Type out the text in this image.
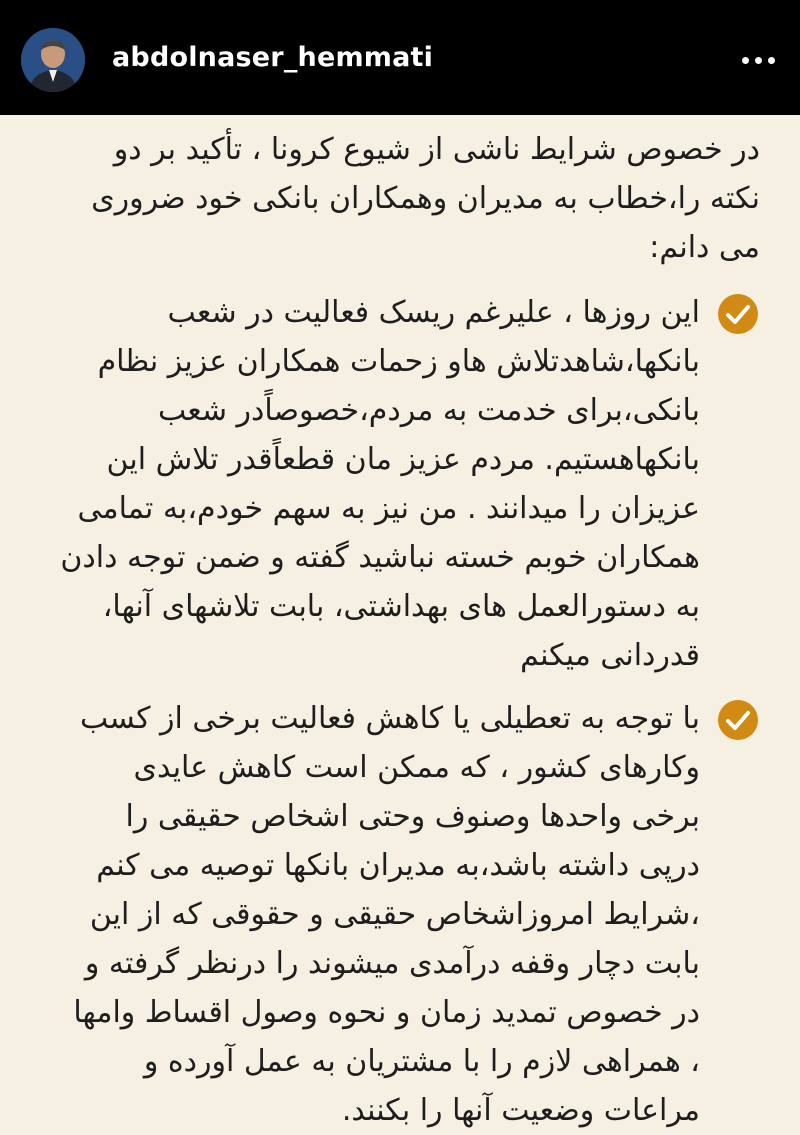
abdolnaser_hemmati

در خصوص شرایط ناشی از شیوع کرونا ، تأکید بر دو نکته را،خطاب به مدیران وهمکاران بانکی خود ضروری می دانم:

این روزها ، علیرغم ریسک فعالیت در شعب بانکها،شاهدتلاش هاو زحمات همکاران عزیز نظام بانکی،برای خدمت به مردم،خصوصاًدر شعب بانکهاهستیم. مردم عزیز مان قطعاًقدر تلاش این عزیزان را میدانند . من نیز به سهم خودم،به تمامی همکاران خوبم خسته نباشید گفته و ضمن توجه دادن به دستورالعمل های بهداشتی، بابت تلاشهای آنها، قدردانی میکنم

با توجه به تعطیلی یا کاهش فعالیت برخی از کسب وکارهای کشور ، که ممکن است کاهش عایدی برخی واحدها وصنوف وحتی اشخاص حقیقی را درپی داشته باشد،به مدیران بانکها توصیه می کنم ،شرایط امروزاشخاص حقیقی و حقوقی که از این بابت دچار وقفه درآمدی میشوند را درنظر گرفته و در خصوص تمدید زمان و نحوه وصول اقساط وامها ، همراهی لازم را با مشتریان به عمل آورده و مراعات وضعیت آنها را بکنند.
